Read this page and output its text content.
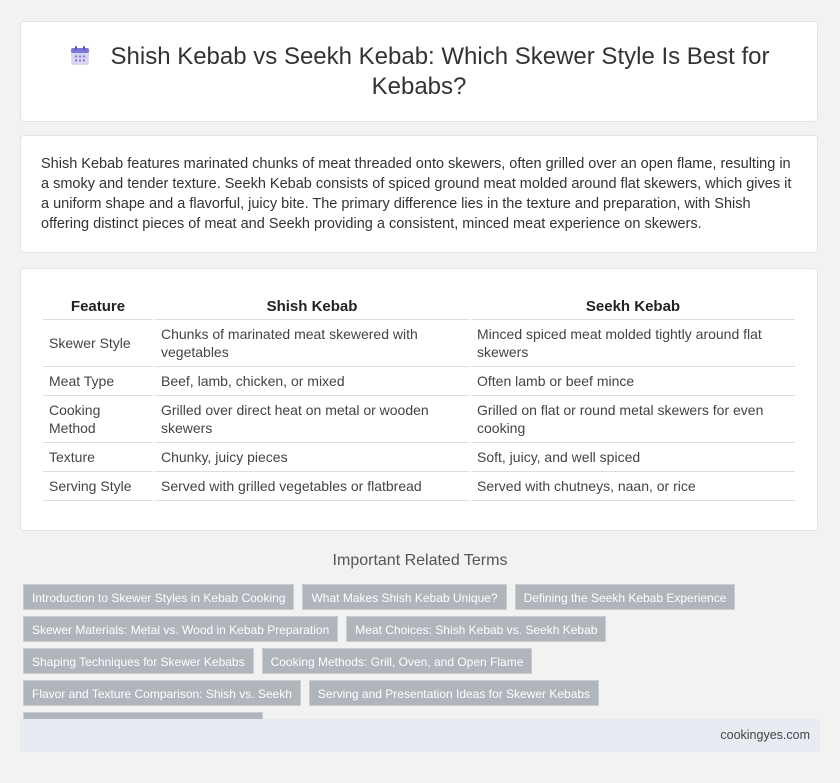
Shish Kebab vs Seekh Kebab: Which Skewer Style Is Best for Kebabs?

Shish Kebab features marinated chunks of meat threaded onto skewers, often grilled over an open flame, resulting in a smoky and tender texture. Seekh Kebab consists of spiced ground meat molded around flat skewers, which gives it a uniform shape and a flavorful, juicy bite. The primary difference lies in the texture and preparation, with Shish offering distinct pieces of meat and Seekh providing a consistent, minced meat experience on skewers.

Feature	Shish Kebab	Seekh Kebab
Skewer Style	Chunks of marinated meat skewered with vegetables	Minced spiced meat molded tightly around flat skewers
Meat Type	Beef, lamb, chicken, or mixed	Often lamb or beef mince
Cooking Method	Grilled over direct heat on metal or wooden skewers	Grilled on flat or round metal skewers for even cooking
Texture	Chunky, juicy pieces	Soft, juicy, and well spiced
Serving Style	Served with grilled vegetables or flatbread	Served with chutneys, naan, or rice
Important Related Terms
Introduction to Skewer Styles in Kebab Cooking	What Makes Shish Kebab Unique?	Defining the Seekh Kebab Experience
Skewer Materials: Metal vs. Wood in Kebab Preparation	Meat Choices: Shish Kebab vs. Seekh Kebab
Shaping Techniques for Skewer Kebabs	Cooking Methods: Grill, Oven, and Open Flame
Flavor and Texture Comparison: Shish vs. Seekh	Serving and Presentation Ideas for Skewer Kebabs
cookingyes.com
